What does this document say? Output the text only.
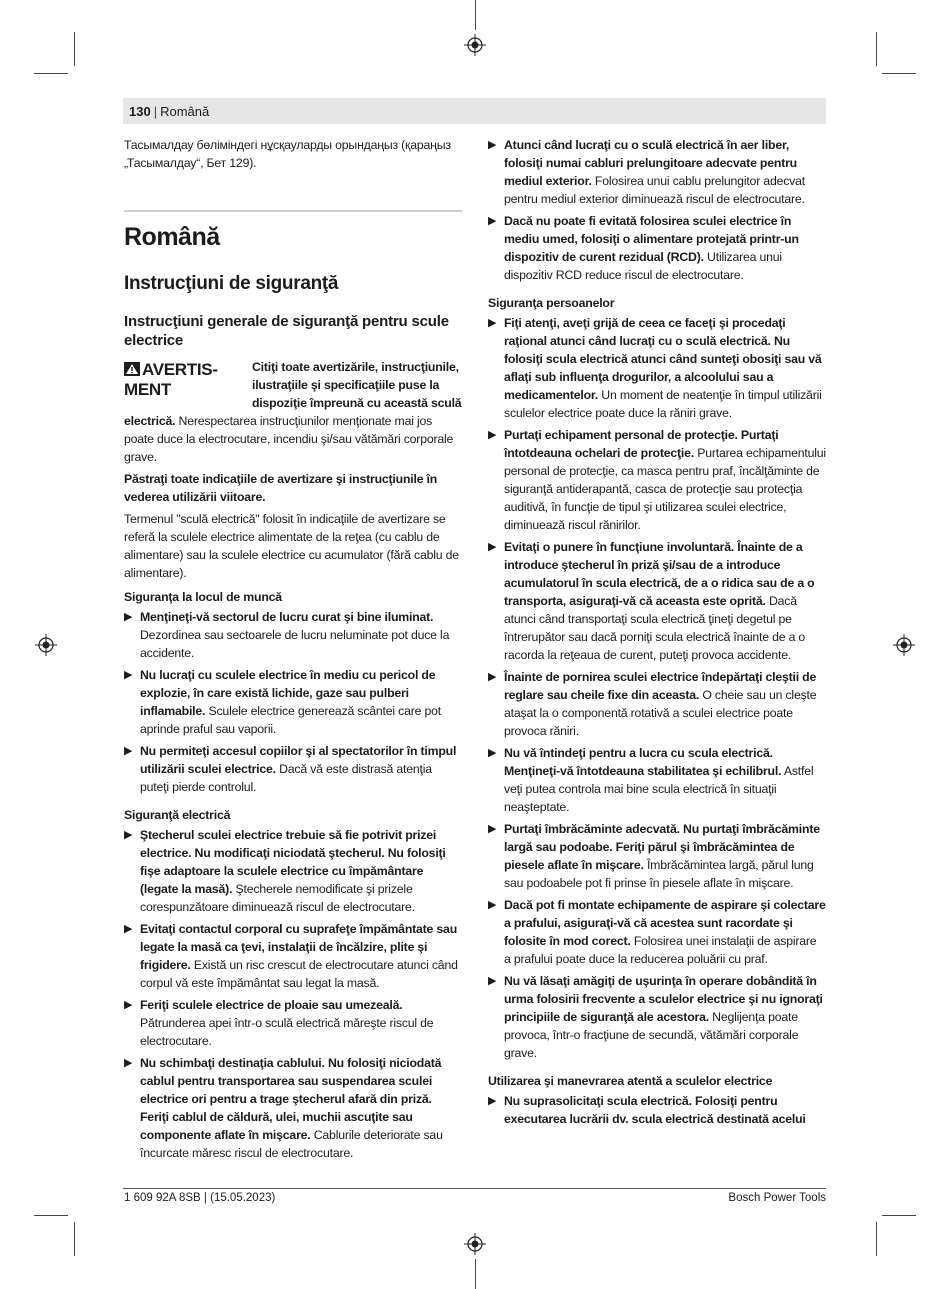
130 | Română

Тасымалдау бөліміндегі нұсқауларды орындаңыз (қараңыз „Тасымалдау“, Бет 129).

Română
Instrucţiuni de siguranţă
Instrucţiuni generale de siguranţă pentru scule electrice
AVERTIS-MENT

Citiţi toate avertizările, instrucţiunile, ilustraţiile şi specificaţiile puse la dispoziţie împreună cu această sculă electrică. Nerespectarea instrucţiunilor menţionate mai jos poate duce la electrocutare, incendiu şi/sau vătămări corporale grave.

Păstraţi toate indicaţiile de avertizare şi instrucţiunile în vederea utilizării viitoare.

Termenul "sculă electrică" folosit în indicaţiile de avertizare se referă la sculele electrice alimentate de la reţea (cu cablu de alimentare) sau la sculele electrice cu acumulator (fără cablu de alimentare).

Siguranţa la locul de muncă
▶ Menţineţi-vă sectorul de lucru curat şi bine iluminat. Dezordinea sau sectoarele de lucru neluminate pot duce la accidente.
▶ Nu lucraţi cu sculele electrice în mediu cu pericol de explozie, în care există lichide, gaze sau pulberi inflamabile. Sculele electrice generează scântei care pot aprinde praful sau vaporii.
▶ Nu permiteţi accesul copiilor şi al spectatorilor în timpul utilizării sculei electrice. Dacă vă este distrasă atenţia puteţi pierde controlul.
Siguranţă electrică
▶ Ştecherul sculei electrice trebuie să fie potrivit prizei electrice. Nu modificaţi niciodată ştecherul. Nu folosiţi fişe adaptoare la sculele electrice cu împământare (legate la masă). Ştecherele nemodificate şi prizele corespunzătoare diminuează riscul de electrocutare.
▶ Evitaţi contactul corporal cu suprafeţe împământate sau legate la masă ca ţevi, instalaţii de încălzire, plite şi frigidere. Există un risc crescut de electrocutare atunci când corpul vă este împământat sau legat la masă.
▶ Feriţi sculele electrice de ploaie sau umezeală. Pătrunderea apei într-o sculă electrică măreşte riscul de electrocutare.
▶ Nu schimbaţi destinaţia cablului. Nu folosiţi niciodată cablul pentru transportarea sau suspendarea sculei electrice ori pentru a trage ştecherul afară din priză. Feriţi cablul de căldură, ulei, muchii ascuţite sau componente aflate în mişcare. Cablurile deteriorate sau încurcate măresc riscul de electrocutare.
▶ Atunci când lucraţi cu o sculă electrică în aer liber, folosiţi numai cabluri prelungitoare adecvate pentru mediul exterior. Folosirea unui cablu prelungitor adecvat pentru mediul exterior diminuează riscul de electrocutare.
▶ Dacă nu poate fi evitată folosirea sculei electrice în mediu umed, folosiţi o alimentare protejată printr-un dispozitiv de curent rezidual (RCD). Utilizarea unui dispozitiv RCD reduce riscul de electrocutare.
Siguranţa persoanelor
▶ Fiţi atenţi, aveţi grijă de ceea ce faceţi şi procedaţi raţional atunci când lucraţi cu o sculă electrică. Nu folosiţi scula electrică atunci când sunteţi obosiţi sau vă aflaţi sub influenţa drogurilor, a alcoolului sau a medicamentelor. Un moment de neatenţie în timpul utilizării sculelor electrice poate duce la răniri grave.
▶ Purtaţi echipament personal de protecţie. Purtaţi întotdeauna ochelari de protecţie. Purtarea echipamentului personal de protecţie, ca masca pentru praf, încălţăminte de siguranţă antiderapantă, casca de protecţie sau protecţia auditivă, în funcţie de tipul şi utilizarea sculei electrice, diminuează riscul rănirilor.
▶ Evitaţi o punere în funcţiune involuntară. Înainte de a introduce ştecherul în priză şi/sau de a introduce acumulatorul în scula electrică, de a o ridica sau de a o transporta, asiguraţi-vă că aceasta este oprită. Dacă atunci când transportaţi scula electrică ţineţi degetul pe întrerupător sau dacă porniţi scula electrică înainte de a o racorda la reţeaua de curent, puteţi provoca accidente.
▶ Înainte de pornirea sculei electrice îndepărtaţi cleştii de reglare sau cheile fixe din aceasta. O cheie sau un cleşte ataşat la o componentă rotativă a sculei electrice poate provoca răniri.
▶ Nu vă întindeţi pentru a lucra cu scula electrică. Menţineţi-vă întotdeauna stabilitatea şi echilibrul. Astfel veţi putea controla mai bine scula electrică în situaţii neaşteptate.
▶ Purtaţi îmbrăcăminte adecvată. Nu purtaţi îmbrăcăminte largă sau podoabe. Feriţi părul şi îmbrăcămintea de piesele aflate în mişcare. Îmbrăcămintea largă, părul lung sau podoabele pot fi prinse în piesele aflate în mişcare.
▶ Dacă pot fi montate echipamente de aspirare şi colectare a prafului, asiguraţi-vă că acestea sunt racordate şi folosite în mod corect. Folosirea unei instalaţii de aspirare a prafului poate duce la reducerea poluării cu praf.
▶ Nu vă lăsaţi amăgiţi de uşurinţa în operare dobândită în urma folosirii frecvente a sculelor electrice şi nu ignoraţi principiile de siguranţă ale acestora. Neglijenţa poate provoca, într-o fracţiune de secundă, vătămări corporale grave.
Utilizarea şi manevrarea atentă a sculelor electrice
▶ Nu suprasolicitaţi scula electrică. Folosiţi pentru executarea lucrării dv. scula electrică destinată acelui
1 609 92A 8SB | (15.05.2023)	Bosch Power Tools
